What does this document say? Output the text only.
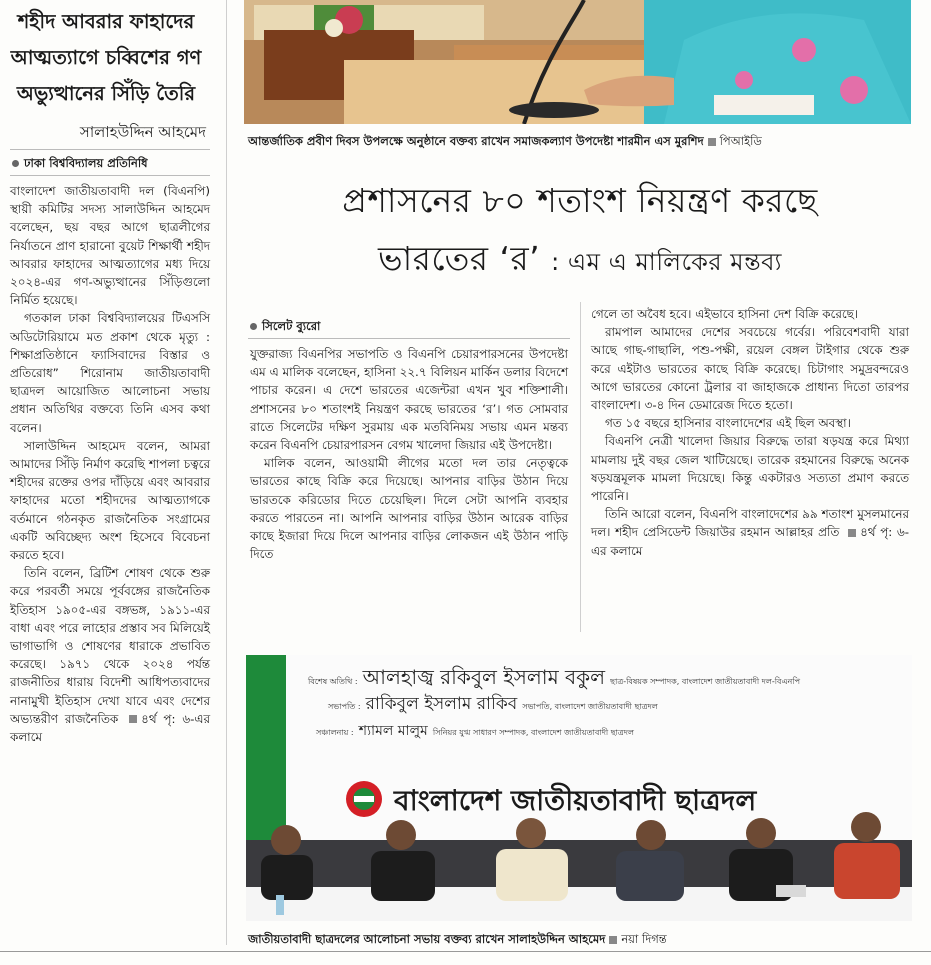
শহীদ আবরার ফাহাদের
আত্মত্যাগে চব্বিশের গণ
অভ্যুত্থানের সিঁড়ি তৈরি
সালাহউদ্দিন আহমেদ
ঢাকা বিশ্ববিদ্যালয় প্রতিনিধি

বাংলাদেশ জাতীয়তাবাদী দল (বিএনপি) স্থায়ী কমিটির সদস্য সালাউদ্দিন আহমেদ বলেছেন, ছয় বছর আগে ছাত্রলীগের নির্যাতনে প্রাণ হারানো বুয়েট শিক্ষার্থী শহীদ আবরার ফাহাদের আত্মত্যাগের মধ্য দিয়ে ২০২৪-এর গণ-অভ্যুত্থানের সিঁড়িগুলো নির্মিত হয়েছে।

গতকাল ঢাকা বিশ্ববিদ্যালয়ের টিএসসি অডিটোরিয়ামে মত প্রকাশ থেকে মৃত্যু : শিক্ষাপ্রতিষ্ঠানে ফ্যাসিবাদের বিস্তার ও প্রতিরোধ” শিরোনাম জাতীয়তাবাদী ছাত্রদল আয়োজিত আলোচনা সভায় প্রধান অতিথির বক্তব্যে তিনি এসব কথা বলেন।

সালাউদ্দিন আহমেদ বলেন, আমরা আমাদের সিঁড়ি নির্মাণ করেছি শাপলা চত্বরে শহীদের রক্তের ওপর দাঁড়িয়ে এবং আবরার ফাহাদের মতো শহীদদের আত্মত্যাগকে বর্তমানে গঠনকৃত রাজনৈতিক সংগ্রামের একটি অবিচ্ছেদ্য অংশ হিসেবে বিবেচনা করতে হবে।

তিনি বলেন, ব্রিটিশ শোষণ থেকে শুরু করে পরবর্তী সময়ে পূর্ববঙ্গের রাজনৈতিক ইতিহাস ১৯০৫-এর বঙ্গভঙ্গ, ১৯১১-এর বাধা এবং পরে লাহোর প্রস্তাব সব মিলিয়েই ভাগাভাগি ও শোষণের ধারাকে প্রভাবিত করেছে। ১৯৭১ থেকে ২০২৪ পর্যন্ত রাজনীতির ধারায় বিদেশী আধিপত্যবাদের নানামুখী ইতিহাস দেখা যাবে এবং দেশের অভ্যন্তরীণ রাজনৈতিক ৪র্থ পৃ: ৬-এর কলামে

আন্তর্জাতিক প্রবীণ দিবস উপলক্ষে অনুষ্ঠানে বক্তব্য রাখেন সমাজকল্যাণ উপদেষ্টা শারমীন এস মুরশিদ পিআইডি
প্রশাসনের ৮০ শতাংশ নিয়ন্ত্রণ করছে
ভারতের ‘র’ : এম এ মালিকের মন্তব্য
সিলেট ব্যুরো

যুক্তরাজ্য বিএনপির সভাপতি ও বিএনপি চেয়ারপারসনের উপদেষ্টা এম এ মালিক বলেছেন, হাসিনা ২২.৭ বিলিয়ন মার্কিন ডলার বিদেশে পাচার করেন। এ দেশে ভারতের এজেন্টরা এখন খুব শক্তিশালী। প্রশাসনের ৮০ শতাংশই নিয়ন্ত্রণ করছে ভারতের ‘র’। গত সোমবার রাতে সিলেটের দক্ষিণ সুরমায় এক মতবিনিময় সভায় এমন মন্তব্য করেন বিএনপি চেয়ারপারসন বেগম খালেদা জিয়ার এই উপদেষ্টা।

মালিক বলেন, আওয়ামী লীগের মতো দল তার নেতৃত্বকে ভারতের কাছে বিক্রি করে দিয়েছে। আপনার বাড়ির উঠান দিয়ে ভারতকে করিডোর দিতে চেয়েছিল। দিলে সেটা আপনি ব্যবহার করতে পারতেন না। আপনি আপনার বাড়ির উঠান আরেক বাড়ির কাছে ইজারা দিয়ে দিলে আপনার বাড়ির লোকজন এই উঠান পাড়ি দিতে

গেলে তা অবৈধ হবে। এইভাবে হাসিনা দেশ বিক্রি করেছে।

রামপাল আমাদের দেশের সবচেয়ে গর্বের। পরিবেশবাদী যারা আছে গাছ-গাছালি, পশু-পক্ষী, রয়েল বেঙ্গল টাইগার থেকে শুরু করে এইটাও ভারতের কাছে বিক্রি করেছে। চিটাগাং সমুদ্রবন্দরেও আগে ভারতের কোনো ট্রলার বা জাহাজকে প্রাধান্য দিতো তারপর বাংলাদেশ। ৩-৪ দিন ডেমারেজ দিতে হতো।

গত ১৫ বছরে হাসিনার বাংলাদেশের এই ছিল অবস্থা।

বিএনপি নেত্রী খালেদা জিয়ার বিরুদ্ধে তারা ষড়যন্ত্র করে মিথ্যা মামলায় দুই বছর জেল খাটিয়েছে। তারেক রহমানের বিরুদ্ধে অনেক ষড়যন্ত্রমূলক মামলা দিয়েছে। কিন্তু একটারও সত্যতা প্রমাণ করতে পারেনি।

তিনি আরো বলেন, বিএনপি বাংলাদেশের ৯৯ শতাংশ মুসলমানের দল। শহীদ প্রেসিডেন্ট জিয়াউর রহমান আল্লাহর প্রতি ৪র্থ পৃ: ৬-এর কলামে

বিশেষ অতিথি : আলহাজ্ব রকিবুল ইসলাম বকুল ছাত্র-বিষয়ক সম্পাদক, বাংলাদেশ জাতীয়তাবাদী দল-বিএনপি
সভাপতি : রাকিবুল ইসলাম রাকিব সভাপতি, বাংলাদেশ জাতীয়তাবাদী ছাত্রদল
সঞ্চালনায় : শ্যামল মালুম সিনিয়র যুগ্ম সাধারণ সম্পাদক, বাংলাদেশ জাতীয়তাবাদী ছাত্রদল
বাংলাদেশ জাতীয়তাবাদী ছাত্রদল
জাতীয়তাবাদী ছাত্রদলের আলোচনা সভায় বক্তব্য রাখেন সালাহউদ্দিন আহমেদ নয়া দিগন্ত
